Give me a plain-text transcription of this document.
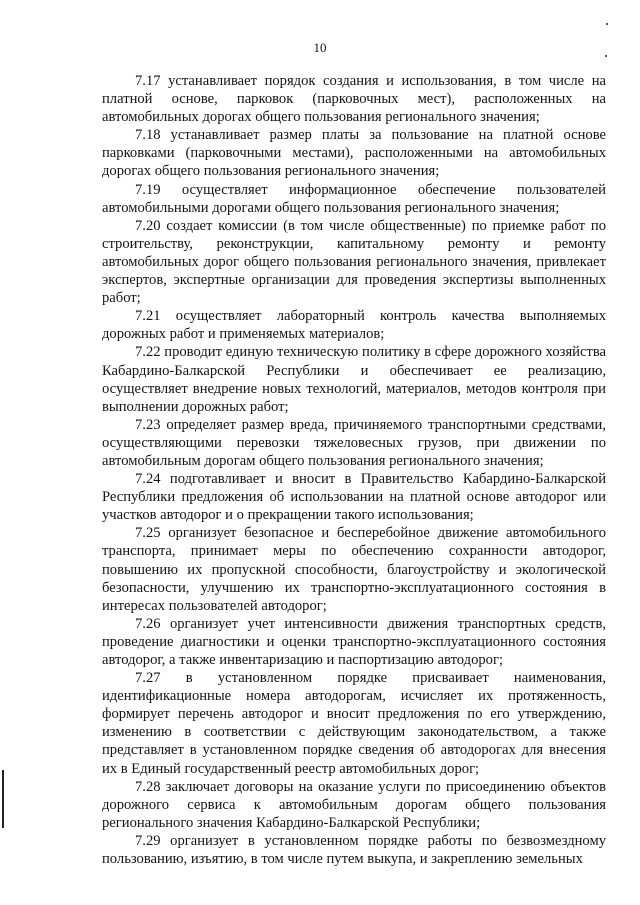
10

7.17 устанавливает порядок создания и использования, в том числе на платной основе, парковок (парковочных мест), расположенных на автомобильных дорогах общего пользования регионального значения;

7.18 устанавливает размер платы за пользование на платной основе парковками (парковочными местами), расположенными на автомобильных дорогах общего пользования регионального значения;

7.19 осуществляет информационное обеспечение пользователей автомобильными дорогами общего пользования регионального значения;

7.20 создает комиссии (в том числе общественные) по приемке работ по строительству, реконструкции, капитальному ремонту и ремонту автомобильных дорог общего пользования регионального значения, привлекает экспертов, экспертные организации для проведения экспертизы выполненных работ;

7.21 осуществляет лабораторный контроль качества выполняемых дорожных работ и применяемых материалов;

7.22 проводит единую техническую политику в сфере дорожного хозяйства Кабардино-Балкарской Республики и обеспечивает ее реализацию, осуществляет внедрение новых технологий, материалов, методов контроля при выполнении дорожных работ;

7.23 определяет размер вреда, причиняемого транспортными средствами, осуществляющими перевозки тяжеловесных грузов, при движении по автомобильным дорогам общего пользования регионального значения;

7.24 подготавливает и вносит в Правительство Кабардино-Балкарской Республики предложения об использовании на платной основе автодорог или участков автодорог и о прекращении такого использования;

7.25 организует безопасное и бесперебойное движение автомобильного транспорта, принимает меры по обеспечению сохранности автодорог, повышению их пропускной способности, благоустройству и экологической безопасности, улучшению их транспортно-эксплуатационного состояния в интересах пользователей автодорог;

7.26 организует учет интенсивности движения транспортных средств, проведение диагностики и оценки транспортно-эксплуатационного состояния автодорог, а также инвентаризацию и паспортизацию автодорог;

7.27 в установленном порядке присваивает наименования, идентификационные номера автодорогам, исчисляет их протяженность, формирует перечень автодорог и вносит предложения по его утверждению, изменению в соответствии с действующим законодательством, а также представляет в установленном порядке сведения об автодорогах для внесения их в Единый государственный реестр автомобильных дорог;

7.28 заключает договоры на оказание услуги по присоединению объектов дорожного сервиса к автомобильным дорогам общего пользования регионального значения Кабардино-Балкарской Республики;

7.29 организует в установленном порядке работы по безвозмездному пользованию, изъятию, в том числе путем выкупа, и закреплению земельных
